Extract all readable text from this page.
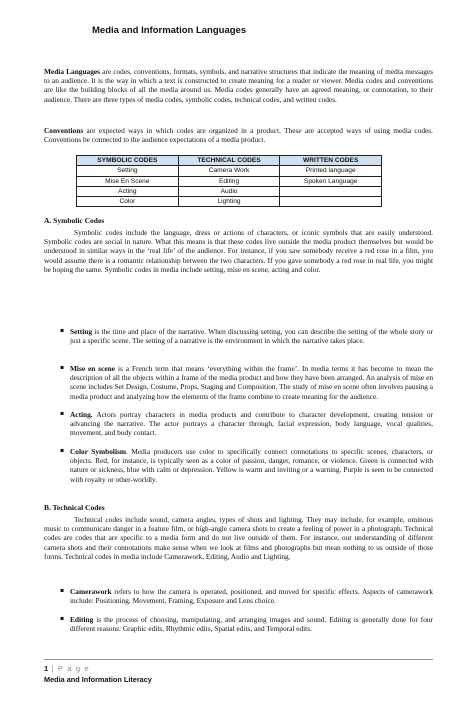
Media and Information Languages
Media Languages are codes, conventions, formats, symbols, and narrative structures that indicate the meaning of media messages to an audience. It is the way in which a text is constructed to create meaning for a reader or viewer. Media codes and conventions are like the building blocks of all the media around us. Media codes generally have an agreed meaning, or connotation, to their audience. There are three types of media codes, symbolic codes, technical codes, and written codes.
Conventions are expected ways in which codes are organized in a product. These are accepted ways of using media codes. Conventions be connected to the audience expectations of a media product.
SYMBOLIC CODES	TECHNICAL CODES	WRITTEN CODES
Setting	Camera Work	Printed language
Mise En Scene	Editing	Spoken Language
Acting	Audio	
Color	Lighting	
A. Symbolic Codes
Symbolic codes include the language, dress or actions of characters, or iconic symbols that are easily understood. Symbolic codes are social in nature. What this means is that these codes live outside the media product themselves but would be understood in similar ways in the ‘real life’ of the audience. For instance, if you saw somebody receive a red rose in a film, you would assume there is a romantic relationship between the two characters. If you gave somebody a red rose in real life, you might be hoping the same. Symbolic codes in media include setting, mise en scene, acting and color.
▪ Setting is the time and place of the narrative. When discussing setting, you can describe the setting of the whole story or just a specific scene. The setting of a narrative is the environment in which the narrative takes place.
▪ Mise en scene is a French term that means ‘everything within the frame’. In media terms it has become to mean the description of all the objects within a frame of the media product and how they have been arranged. An analysis of mise en scene includes Set Design, Costume, Props, Staging and Composition. The study of mise en scene often involves pausing a media product and analyzing how the elements of the frame combine to create meaning for the audience.
▪ Acting. Actors portray characters in media products and contribute to character development, creating tension or advancing the narrative. The actor portrays a character through, facial expression, body language, vocal qualities, movement, and body contact.
▪ Color Symbolism. Media producers use color to specifically connect connotations to specific scenes, characters, or objects. Red, for instance, is typically seen as a color of passion, danger, romance, or violence. Green is connected with nature or sickness, blue with calm or depression. Yellow is warm and inviting or a warning. Purple is seen to be connected with royalty or other-worldly.
B. Technical Codes
Technical codes include sound, camera angles, types of shots and lighting. They may include, for example, ominous music to communicate danger in a feature film, or high-angle camera shots to create a feeling of power in a photograph. Technical codes are codes that are specific to a media form and do not live outside of them. For instance, our understanding of different camera shots and their connotations make sense when we look at films and photographs but mean nothing to us outside of those forms. Technical codes in media include Camerawork, Editing, Audio and Lighting.
▪ Camerawork refers to how the camera is operated, positioned, and moved for specific effects. Aspects of camerawork include: Positioning, Movement, Framing, Exposure and Lens choice.
▪ Editing is the process of choosing, manipulating, and arranging images and sound. Editing is generally done for four different reasons: Graphic edits, Rhythmic edits, Spatial edits, and Temporal edits.
1 | P a g e
Media and Information Literacy
